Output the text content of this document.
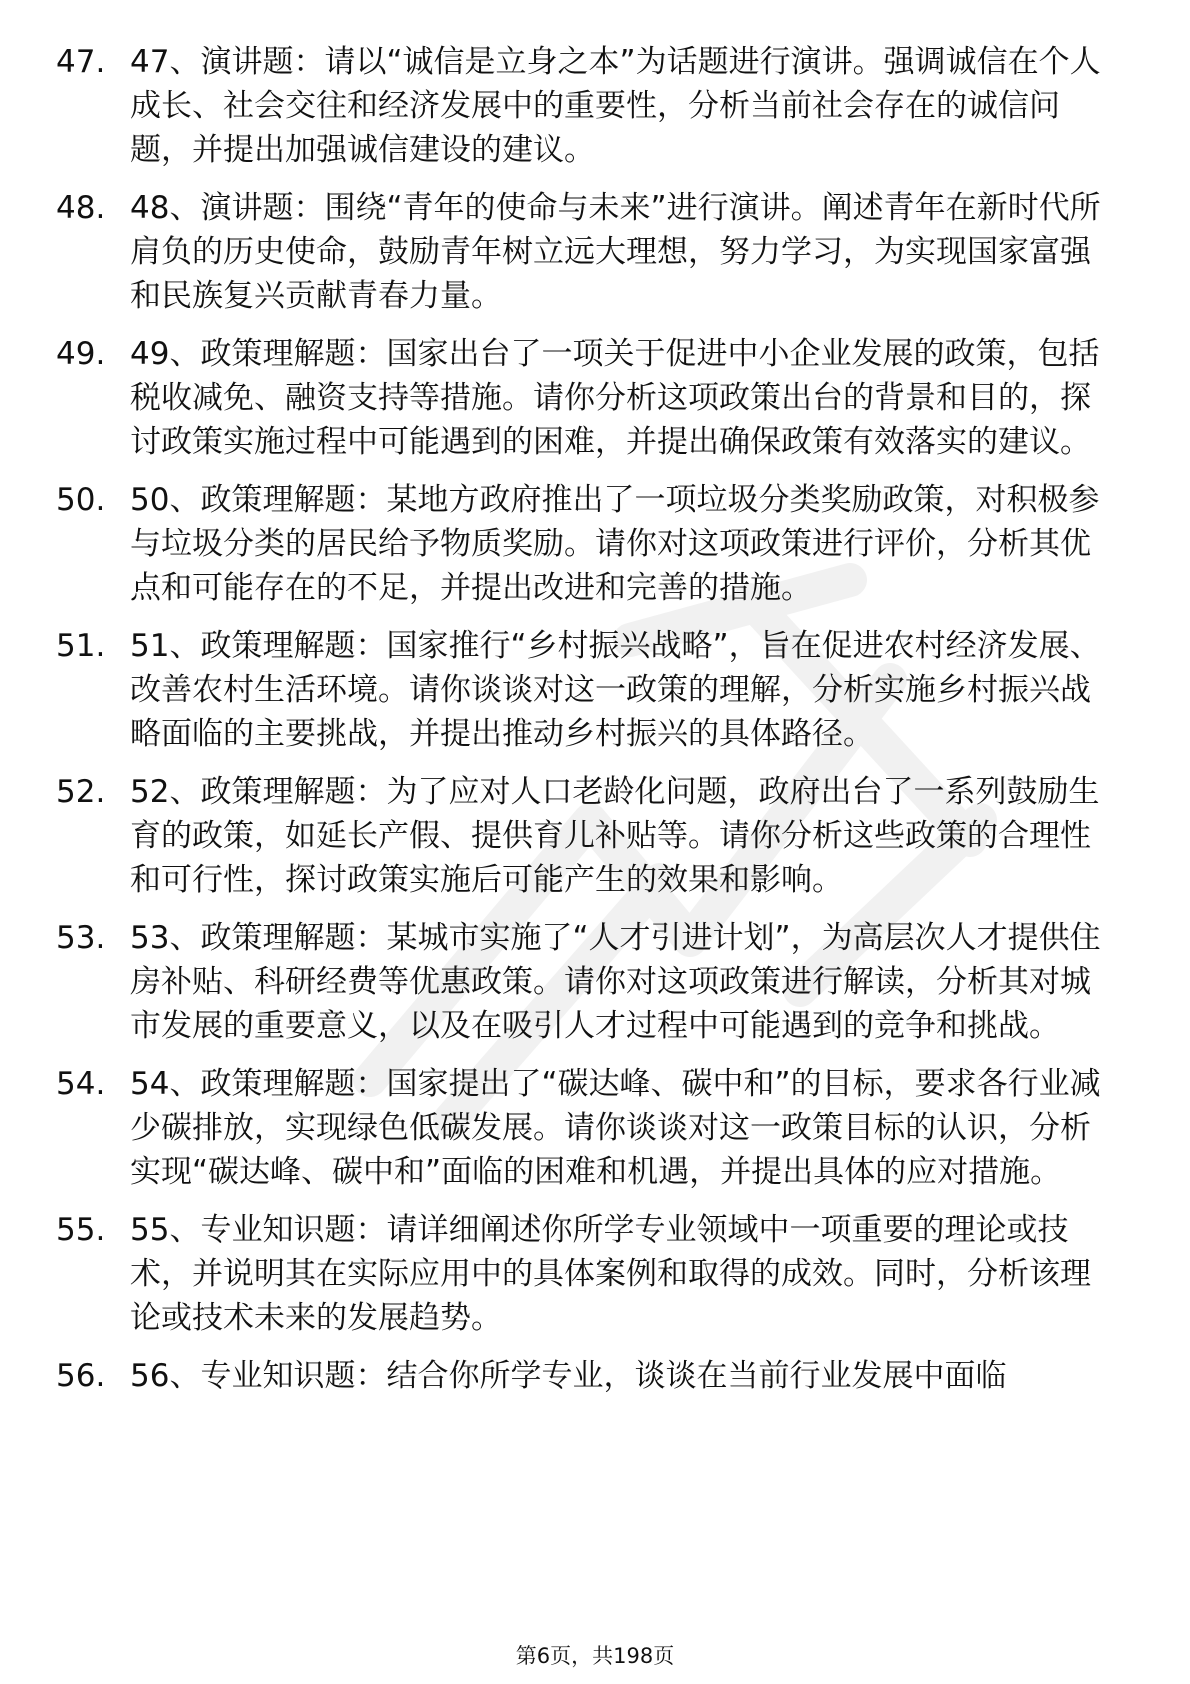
47. 47、演讲题：请以“诚信是立身之本”为话题进行演讲。强调诚信在个人成长、社会交往和经济发展中的重要性，分析当前社会存在的诚信问题，并提出加强诚信建设的建议。
48. 48、演讲题：围绕“青年的使命与未来”进行演讲。阐述青年在新时代所肩负的历史使命，鼓励青年树立远大理想，努力学习，为实现国家富强和民族复兴贡献青春力量。
49. 49、政策理解题：国家出台了一项关于促进中小企业发展的政策，包括税收减免、融资支持等措施。请你分析这项政策出台的背景和目的，探讨政策实施过程中可能遇到的困难，并提出确保政策有效落实的建议。
50. 50、政策理解题：某地方政府推出了一项垃圾分类奖励政策，对积极参与垃圾分类的居民给予物质奖励。请你对这项政策进行评价，分析其优点和可能存在的不足，并提出改进和完善的措施。
51. 51、政策理解题：国家推行“乡村振兴战略”，旨在促进农村经济发展、改善农村生活环境。请你谈谈对这一政策的理解，分析实施乡村振兴战略面临的主要挑战，并提出推动乡村振兴的具体路径。
52. 52、政策理解题：为了应对人口老龄化问题，政府出台了一系列鼓励生育的政策，如延长产假、提供育儿补贴等。请你分析这些政策的合理性和可行性，探讨政策实施后可能产生的效果和影响。
53. 53、政策理解题：某城市实施了“人才引进计划”，为高层次人才提供住房补贴、科研经费等优惠政策。请你对这项政策进行解读，分析其对城市发展的重要意义，以及在吸引人才过程中可能遇到的竞争和挑战。
54. 54、政策理解题：国家提出了“碳达峰、碳中和”的目标，要求各行业减少碳排放，实现绿色低碳发展。请你谈谈对这一政策目标的认识，分析实现“碳达峰、碳中和”面临的困难和机遇，并提出具体的应对措施。
55. 55、专业知识题：请详细阐述你所学专业领域中一项重要的理论或技术，并说明其在实际应用中的具体案例和取得的成效。同时，分析该理论或技术未来的发展趋势。
56. 56、专业知识题：结合你所学专业，谈谈在当前行业发展中面临
第6页，共198页
